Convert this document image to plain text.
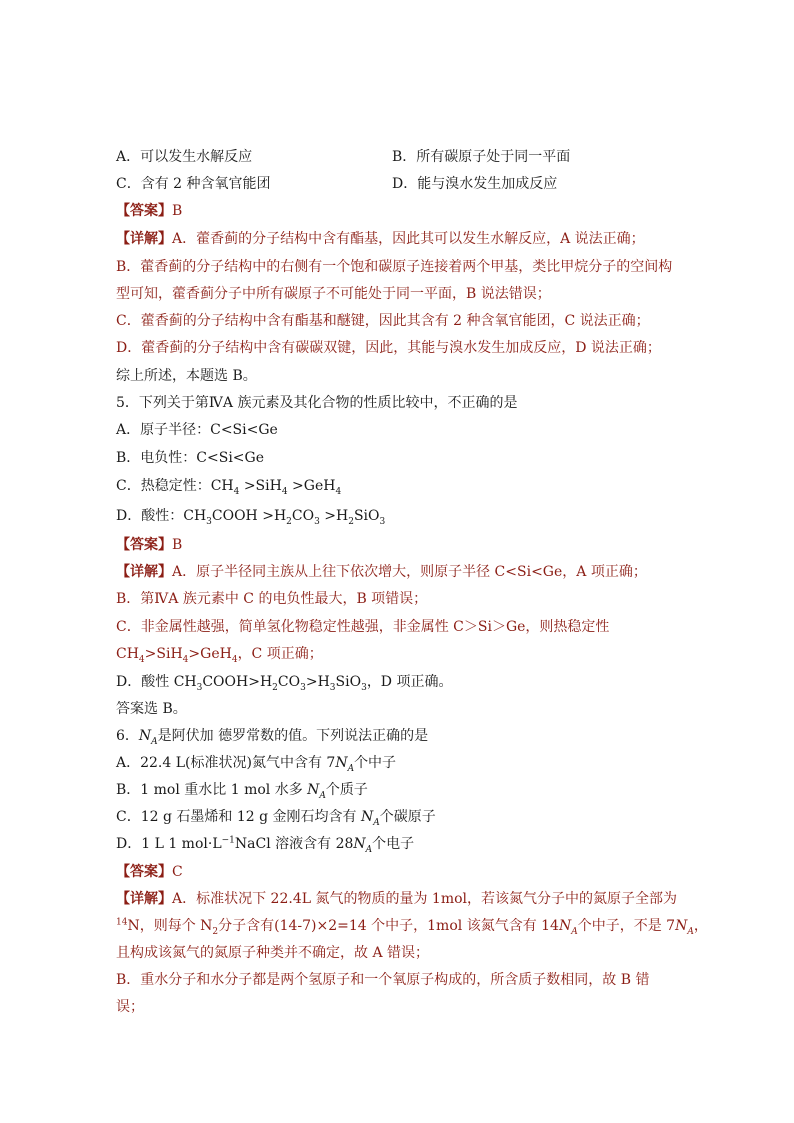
A．可以发生水解反应	B．所有碳原子处于同一平面
C．含有 2 种含氧官能团	D．能与溴水发生加成反应
【答案】B
【详解】A．藿香蓟的分子结构中含有酯基，因此其可以发生水解反应，A 说法正确；
B．藿香蓟的分子结构中的右侧有一个饱和碳原子连接着两个甲基，类比甲烷分子的空间构
型可知，藿香蓟分子中所有碳原子不可能处于同一平面，B 说法错误；
C．藿香蓟的分子结构中含有酯基和醚键，因此其含有 2 种含氧官能团，C 说法正确；
D．藿香蓟的分子结构中含有碳碳双键，因此，其能与溴水发生加成反应，D 说法正确；
综上所述，本题选 B。
5．下列关于第ⅣA 族元素及其化合物的性质比较中，不正确的是
A．原子半径：C<Si<Ge
B．电负性：C<Si<Ge
C．热稳定性：$CH_4 >SiH_4 >GeH_4$
D．酸性：$CH_3COOH >H_2CO_3 >H_2SiO_3$
【答案】B
【详解】A．原子半径同主族从上往下依次增大，则原子半径 C<Si<Ge，A 项正确；
B．第ⅣA 族元素中 C 的电负性最大，B 项错误；
C．非金属性越强，简单氢化物稳定性越强，非金属性 C＞Si＞Ge，则热稳定性
$CH_4>SiH_4>GeH_4$，C 项正确；
D．酸性 $CH_3COOH>H_2CO_3>H_3SiO_3$，D 项正确。
答案选 B。
6．$N_A$是阿伏加 德罗常数的值。下列说法正确的是
A．22.4 L(标准状况)氮气中含有 $7N_A$个中子
B．1 mol 重水比 1 mol 水多 $N_A$个质子
C．12 g 石墨烯和 12 g 金刚石均含有 $N_A$个碳原子
D．1 L 1 $mol\cdot L^{-1}NaCl$ 溶液含有 $28N_A$个电子
【答案】C
【详解】A．标准状况下 22.4L 氮气的物质的量为 1mol，若该氮气分子中的氮原子全部为
$^{14}$N，则每个 $N_2$分子含有(14-7)×2=14 个中子，1mol 该氮气含有 $14N_A$个中子，不是 $7N_A$，
且构成该氮气的氮原子种类并不确定，故 A 错误；
B．重水分子和水分子都是两个氢原子和一个氧原子构成的，所含质子数相同，故 B 错
误；
